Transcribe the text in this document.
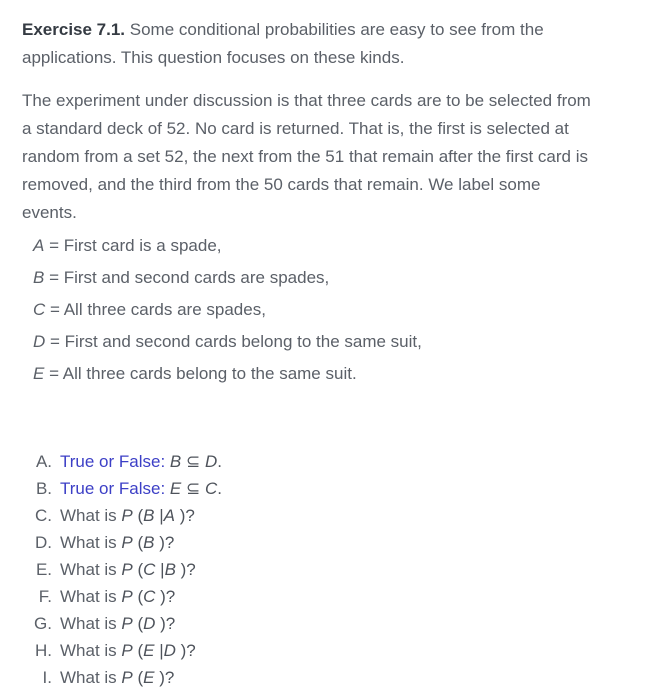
Exercise 7.1. Some conditional probabilities are easy to see from the
applications. This question focuses on these kinds.

The experiment under discussion is that three cards are to be selected from
a standard deck of 52. No card is returned. That is, the first is selected at
random from a set 52, the next from the 51 that remain after the first card is
removed, and the third from the 50 cards that remain. We label some
events.

A = First card is a spade,
B = First and second cards are spades,
C = All three cards are spades,
D = First and second cards belong to the same suit,
E = All three cards belong to the same suit.
A. True or False: B ⊆ D.
B. True or False: E ⊆ C.
C. What is P (B |A )?
D. What is P (B )?
E. What is P (C |B )?
F. What is P (C )?
G. What is P (D )?
H. What is P (E |D )?
I. What is P (E )?
